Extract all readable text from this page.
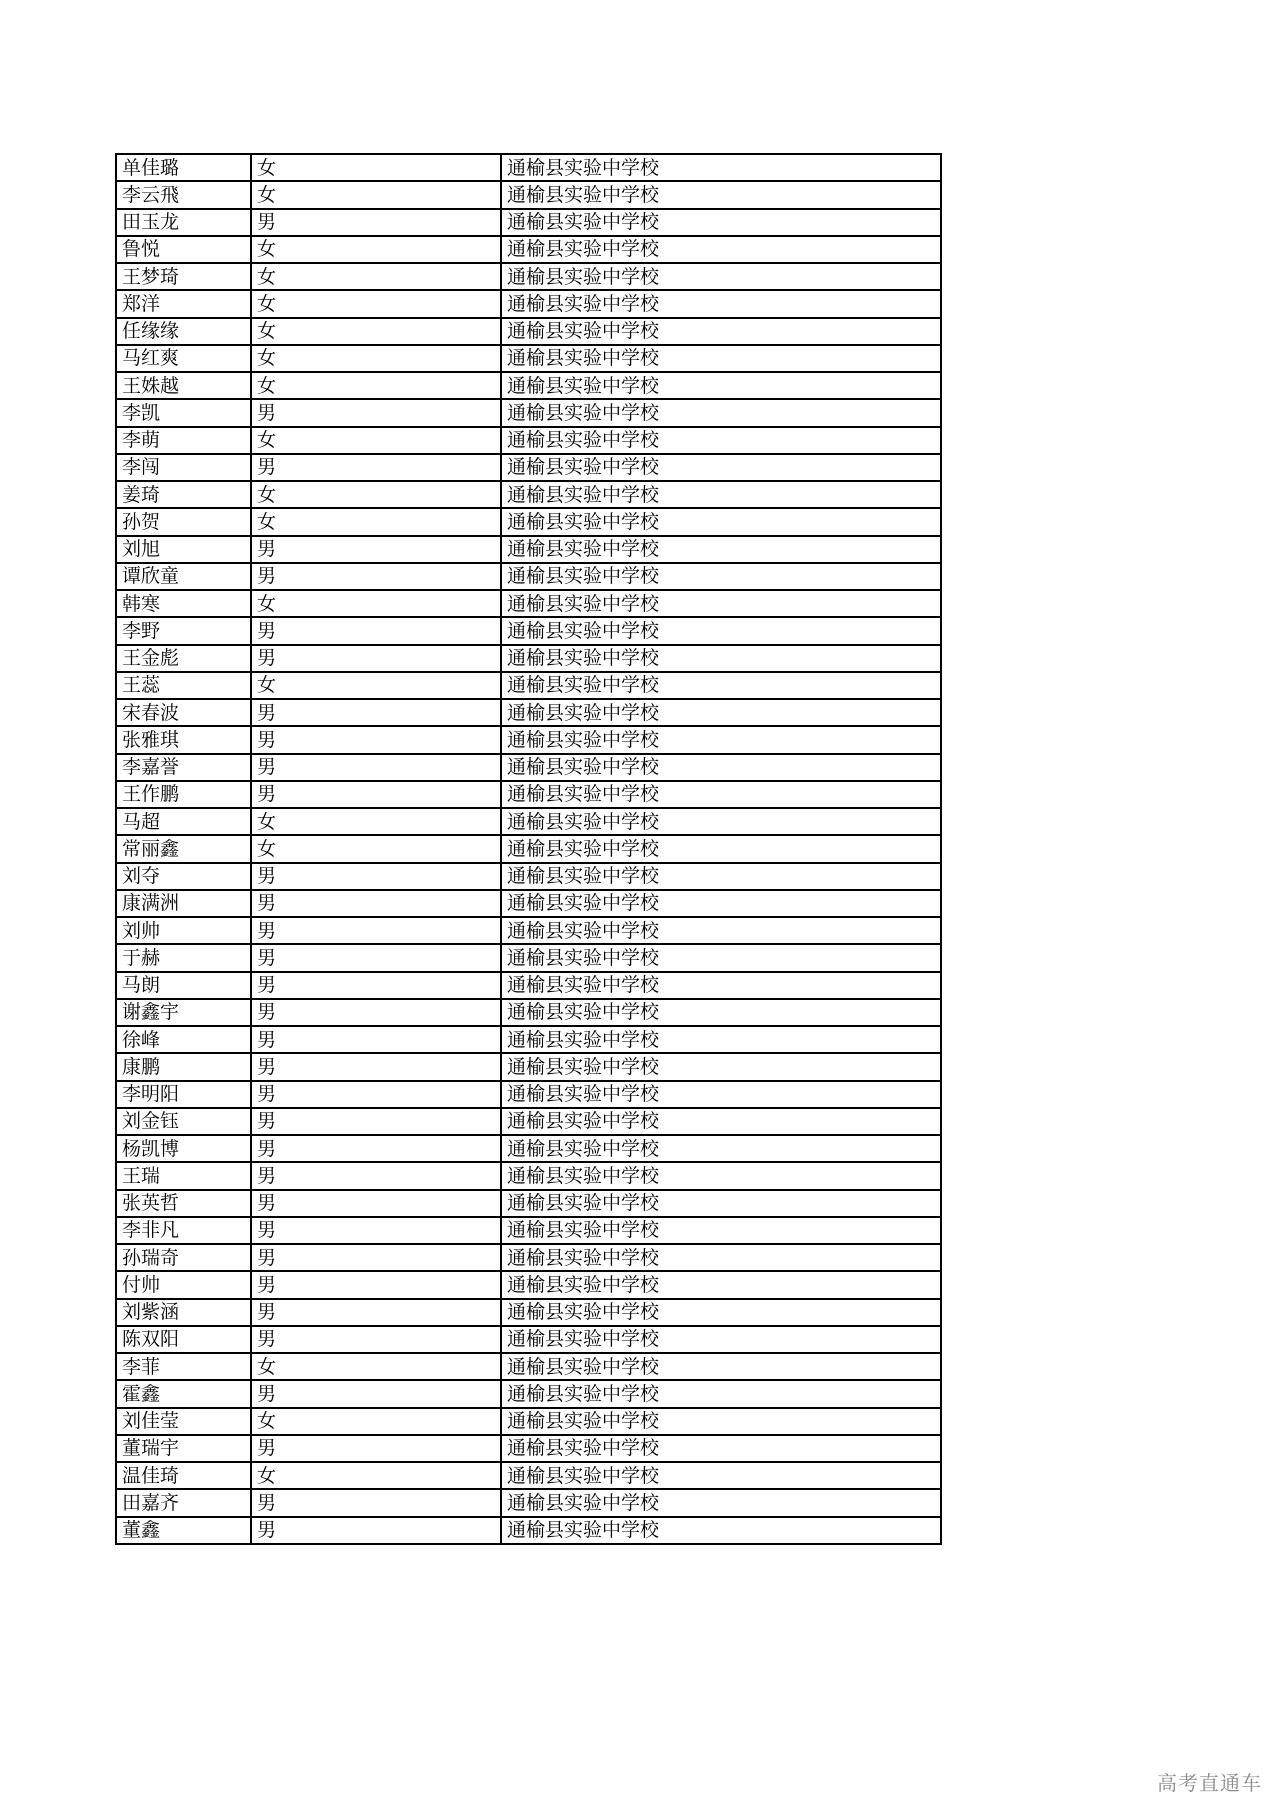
单佳璐	女	通榆县实验中学校
李云飛	女	通榆县实验中学校
田玉龙	男	通榆县实验中学校
鲁悦	女	通榆县实验中学校
王梦琦	女	通榆县实验中学校
郑洋	女	通榆县实验中学校
任缘缘	女	通榆县实验中学校
马红爽	女	通榆县实验中学校
王姝越	女	通榆县实验中学校
李凯	男	通榆县实验中学校
李萌	女	通榆县实验中学校
李闯	男	通榆县实验中学校
姜琦	女	通榆县实验中学校
孙贺	女	通榆县实验中学校
刘旭	男	通榆县实验中学校
谭欣童	男	通榆县实验中学校
韩寒	女	通榆县实验中学校
李野	男	通榆县实验中学校
王金彪	男	通榆县实验中学校
王蕊	女	通榆县实验中学校
宋春波	男	通榆县实验中学校
张雅琪	男	通榆县实验中学校
李嘉誉	男	通榆县实验中学校
王作鹏	男	通榆县实验中学校
马超	女	通榆县实验中学校
常丽鑫	女	通榆县实验中学校
刘夺	男	通榆县实验中学校
康满洲	男	通榆县实验中学校
刘帅	男	通榆县实验中学校
于赫	男	通榆县实验中学校
马朗	男	通榆县实验中学校
谢鑫宇	男	通榆县实验中学校
徐峰	男	通榆县实验中学校
康鹏	男	通榆县实验中学校
李明阳	男	通榆县实验中学校
刘金钰	男	通榆县实验中学校
杨凯博	男	通榆县实验中学校
王瑞	男	通榆县实验中学校
张英哲	男	通榆县实验中学校
李非凡	男	通榆县实验中学校
孙瑞奇	男	通榆县实验中学校
付帅	男	通榆县实验中学校
刘紫涵	男	通榆县实验中学校
陈双阳	男	通榆县实验中学校
李菲	女	通榆县实验中学校
霍鑫	男	通榆县实验中学校
刘佳莹	女	通榆县实验中学校
董瑞宇	男	通榆县实验中学校
温佳琦	女	通榆县实验中学校
田嘉齐	男	通榆县实验中学校
董鑫	男	通榆县实验中学校
高考直通车
